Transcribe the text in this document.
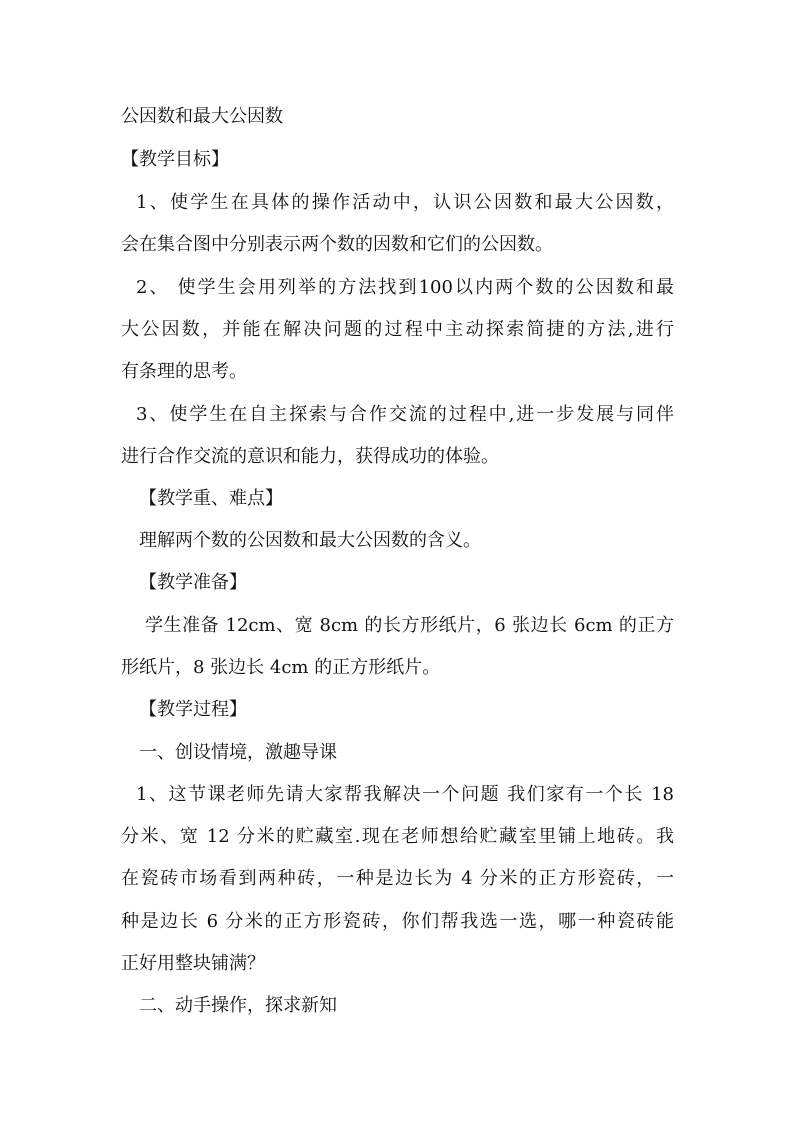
公因数和最大公因数
【教学目标】
1、使学生在具体的操作活动中，认识公因数和最大公因数，
会在集合图中分别表示两个数的因数和它们的公因数。
2、 使学生会用列举的方法找到100以内两个数的公因数和最
大公因数，并能在解决问题的过程中主动探索简捷的方法,进行
有条理的思考。
3、使学生在自主探索与合作交流的过程中,进一步发展与同伴
进行合作交流的意识和能力，获得成功的体验。
【教学重、难点】
理解两个数的公因数和最大公因数的含义。
【教学准备】
学生准备 12cm、宽 8cm 的长方形纸片，6 张边长 6cm 的正方
形纸片，8 张边长 4cm 的正方形纸片。
【教学过程】
一、创设情境，激趣导课
1、这节课老师先请大家帮我解决一个问题 我们家有一个长 18
分米、宽 12 分米的贮藏室.现在老师想给贮藏室里铺上地砖。我
在瓷砖市场看到两种砖，一种是边长为 4 分米的正方形瓷砖，一
种是边长 6 分米的正方形瓷砖，你们帮我选一选，哪一种瓷砖能
正好用整块铺满？
二、动手操作，探求新知
